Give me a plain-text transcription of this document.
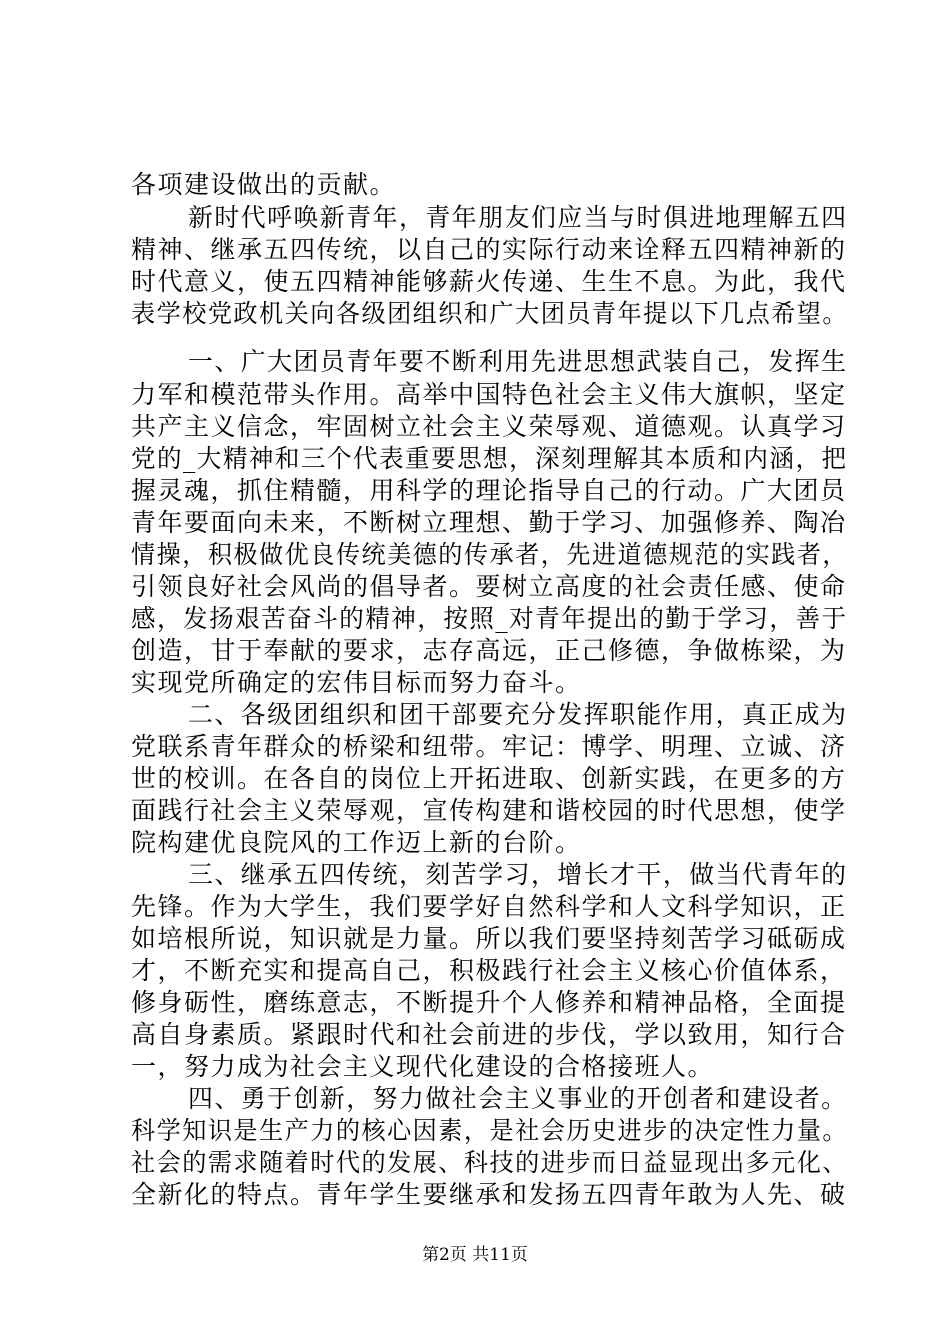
各项建设做出的贡献。
新时代呼唤新青年，青年朋友们应当与时俱进地理解五四
精神、继承五四传统，以自己的实际行动来诠释五四精神新的
时代意义，使五四精神能够薪火传递、生生不息。为此，我代
表学校党政机关向各级团组织和广大团员青年提以下几点希望。
一、广大团员青年要不断利用先进思想武装自己，发挥生
力军和模范带头作用。高举中国特色社会主义伟大旗帜，坚定
共产主义信念，牢固树立社会主义荣辱观、道德观。认真学习
党的_大精神和三个代表重要思想，深刻理解其本质和内涵，把
握灵魂，抓住精髓，用科学的理论指导自己的行动。广大团员
青年要面向未来，不断树立理想、勤于学习、加强修养、陶冶
情操，积极做优良传统美德的传承者，先进道德规范的实践者，
引领良好社会风尚的倡导者。要树立高度的社会责任感、使命
感，发扬艰苦奋斗的精神，按照_对青年提出的勤于学习，善于
创造，甘于奉献的要求，志存高远，正己修德，争做栋梁，为
实现党所确定的宏伟目标而努力奋斗。
二、各级团组织和团干部要充分发挥职能作用，真正成为
党联系青年群众的桥梁和纽带。牢记：博学、明理、立诚、济
世的校训。在各自的岗位上开拓进取、创新实践，在更多的方
面践行社会主义荣辱观，宣传构建和谐校园的时代思想，使学
院构建优良院风的工作迈上新的台阶。
三、继承五四传统，刻苦学习，增长才干，做当代青年的
先锋。作为大学生，我们要学好自然科学和人文科学知识，正
如培根所说，知识就是力量。所以我们要坚持刻苦学习砥砺成
才，不断充实和提高自己，积极践行社会主义核心价值体系，
修身砺性，磨练意志，不断提升个人修养和精神品格，全面提
高自身素质。紧跟时代和社会前进的步伐，学以致用，知行合
一，努力成为社会主义现代化建设的合格接班人。
四、勇于创新，努力做社会主义事业的开创者和建设者。
科学知识是生产力的核心因素，是社会历史进步的决定性力量。
社会的需求随着时代的发展、科技的进步而日益显现出多元化、
全新化的特点。青年学生要继承和发扬五四青年敢为人先、破
第2页 共11页
